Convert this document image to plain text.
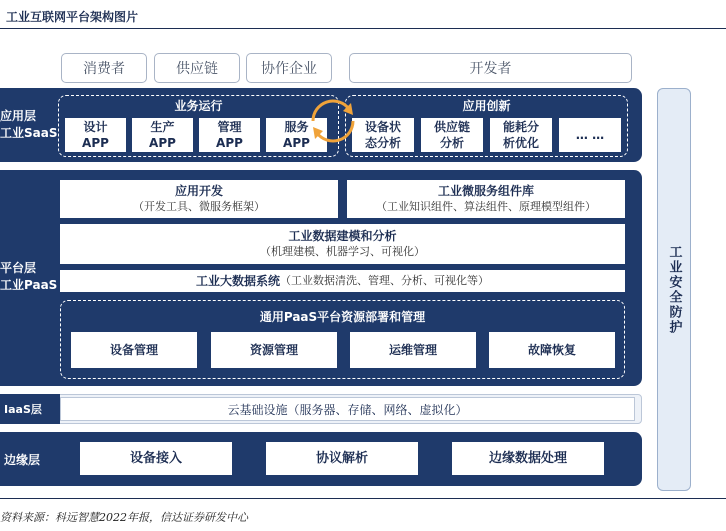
工业互联网平台架构图片
消费者	供应链	协作企业	开发者
应用层
工业SaaS
业务运行
设计
APP
生产
APP
管理
APP
服务
APP
应用创新
设备状
态分析
供应链
分析
能耗分
析优化
… …
平台层
工业PaaS
应用开发
（开发工具、微服务框架）
工业微服务组件库
（工业知识组件、算法组件、原理模型组件）
工业数据建模和分析
（机理建模、机器学习、可视化）
工业大数据系统 （工业数据清洗、管理、分析、可视化等）
通用PaaS平台资源部署和管理
设备管理	资源管理	运维管理	故障恢复
IaaS层	云基础设施（服务器、存储、网络、虚拟化）
边缘层	设备接入	协议解析	边缘数据处理
工业安全防护
资料来源：科远智慧2022年报，信达证券研发中心
